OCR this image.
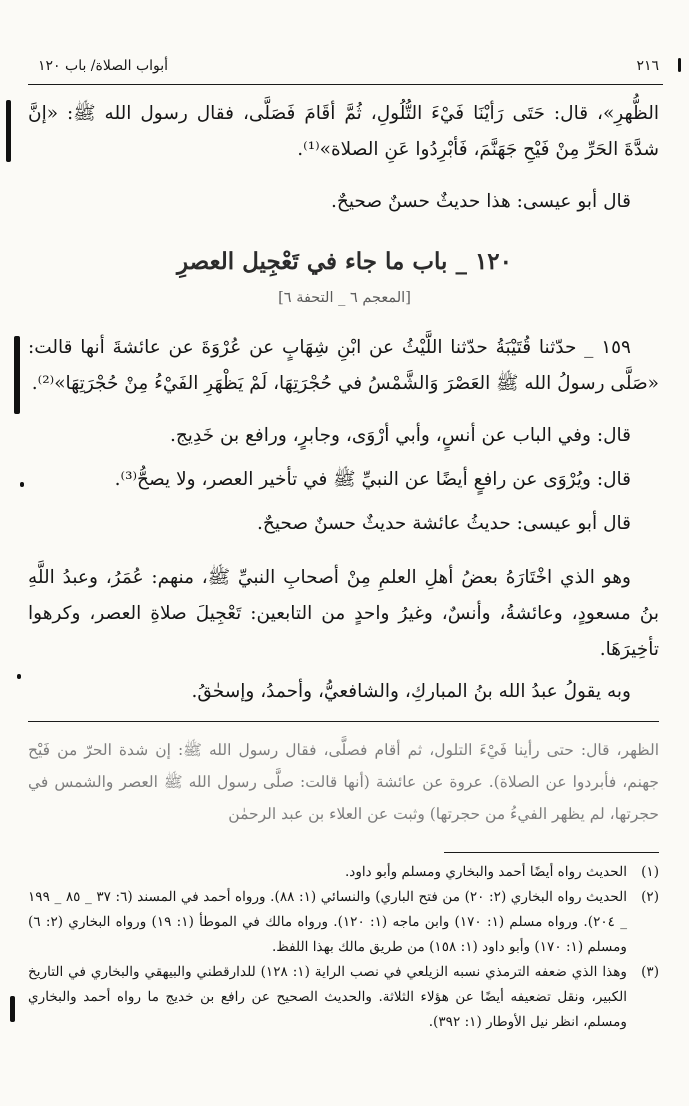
٢١٦
أبواب الصلاة/ باب ١٢٠
الظُّهرِ»، قال: حَتَى رَأيْنَا فَيْءَ التُّلُولِ، ثُمَّ أقَامَ فَصَلَّى، فقال رسول الله ﷺ: «إنَّ شدَّةَ الحَرِّ مِنْ فَيْحِ جَهَنَّمَ، فَأبْرِدُوا عَنِ الصلاة»⁽¹⁾.
قال أبو عيسى: هذا حديثٌ حسنٌ صحيحٌ.
١٢٠ _ باب ما جاء في تَعْجِيل العصرِ
[المعجم ٦ _ التحفة ٦]
١٥٩ _ حدّثنا قُتَيْبَةُ حدّثنا اللَّيْثُ عن ابْنِ شِهَابٍ عن عُرْوَةَ عن عائشةَ أنها قالت: «صَلَّى رسولُ الله ﷺ العَصْرَ وَالشَّمْسُ في حُجْرَتِهَا، لَمْ يَظْهَرِ الفَيْءُ مِنْ حُجْرَتِهَا»⁽²⁾.
قال: وفي الباب عن أنسٍ، وأبي أرْوَى، وجابرٍ، ورافع بن خَدِيج.
قال: ويُرْوَى عن رافعٍ أيضًا عن النبيِّ ﷺ في تأخير العصر، ولا يصحُّ⁽³⁾.
قال أبو عيسى: حديثُ عائشة حديثٌ حسنٌ صحيحٌ.
وهو الذي اخْتَارَهُ بعضُ أهلِ العلمِ مِنْ أصحابِ النبيِّ ﷺ، منهم: عُمَرُ، وعبدُ اللَّهِ بنُ مسعودٍ، وعائشةُ، وأنسٌ، وغيرُ واحدٍ من التابعين: تَعْجِيلَ صلاةِ العصر، وكرهوا تأخِيرَهَا.
وبه يقولُ عبدُ الله بنُ المباركِ، والشافعيُّ، وأحمدُ، وإسحٰقُ.
الظهر، قال: حتى رأينا فَيْءَ التلول، ثم أقام فصلَّى، فقال رسول الله ﷺ: إن شدة الحرّ من فَيْح جهنم، فأبردوا عن الصلاة). عروة عن عائشة (أنها قالت: صلَّى رسول الله ﷺ العصر والشمس في حجرتها، لم يظهر الفيءُ من حجرتها) وثبت عن العلاء بن عبد الرحمٰن
(١)
الحديث رواه أيضًا أحمد والبخاري ومسلم وأبو داود.
(٢)
الحديث رواه البخاري (٢: ٢٠) من فتح الباري) والنسائي (١: ٨٨). ورواه أحمد في المسند (٦: ٣٧ _ ٨٥ _ ١٩٩ _ ٢٠٤). ورواه مسلم (١: ١٧٠) وابن ماجه (١: ١٢٠). ورواه مالك في الموطأ (١: ١٩) ورواه البخاري (٢: ٦) ومسلم (١: ١٧٠) وأبو داود (١: ١٥٨) من طريق مالك بهذا اللفظ.
(٣)
وهذا الذي ضعفه الترمذي نسبه الزيلعي في نصب الراية (١: ١٢٨) للدارقطني والبيهقي والبخاري في التاريخ الكبير، ونقل تضعيفه أيضًا عن هؤلاء الثلاثة. والحديث الصحيح عن رافع بن خديج ما رواه أحمد والبخاري ومسلم، انظر نيل الأوطار (١: ٣٩٢).
